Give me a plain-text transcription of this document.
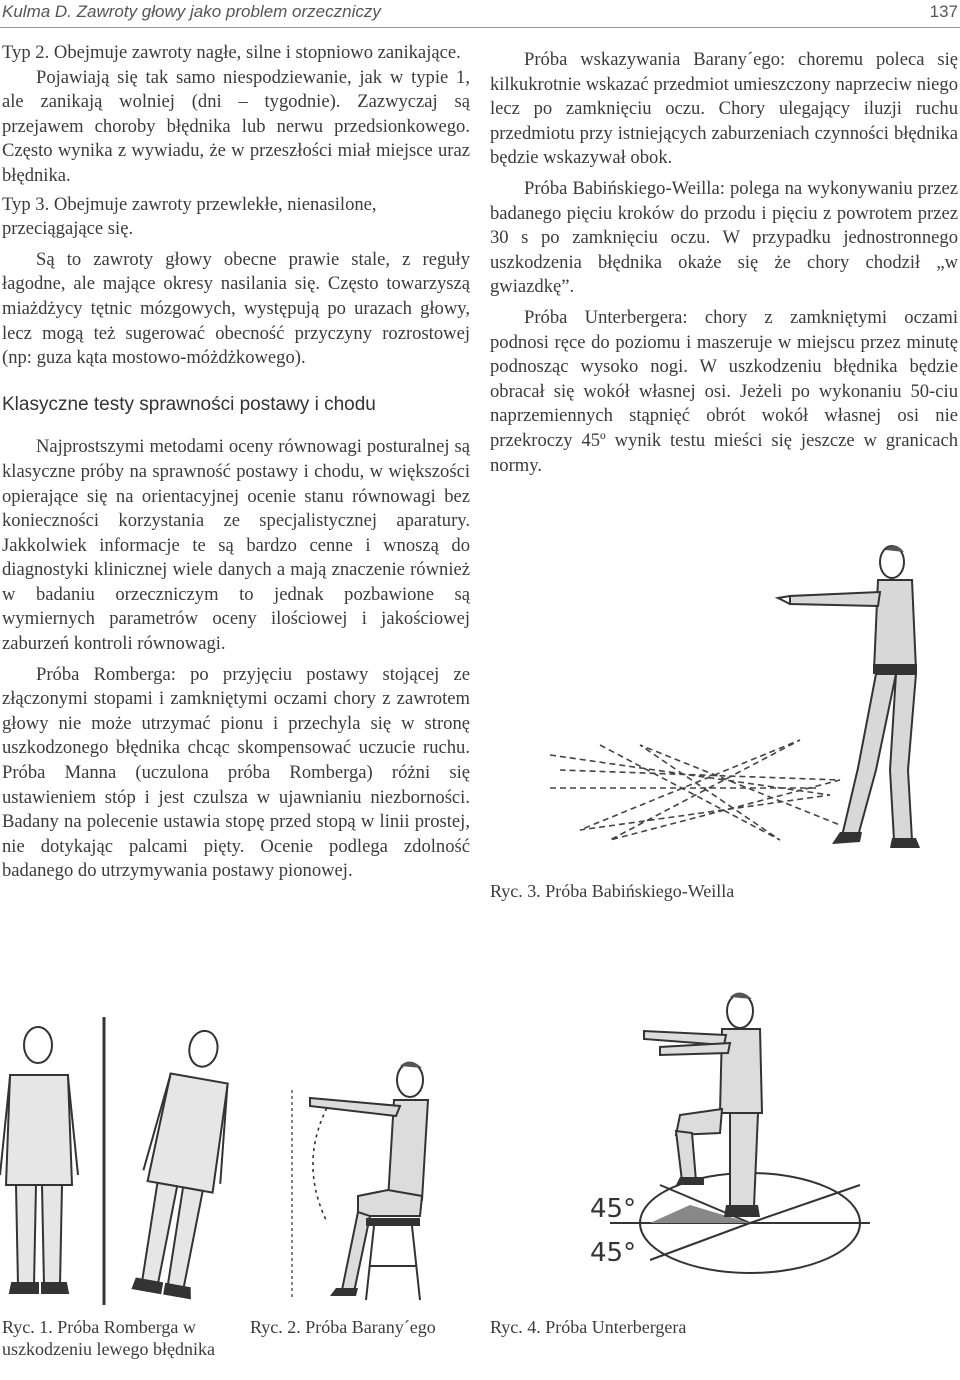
Kulma D. Zawroty głowy jako problem orzeczniczy	137

Typ 2. Obejmuje zawroty nagłe, silne i stopniowo zanikające.

Pojawiają się tak samo niespodziewanie, jak w typie 1, ale zanikają wolniej (dni – tygodnie). Zazwyczaj są przejawem choroby błędnika lub nerwu przedsionkowego. Często wynika z wywiadu, że w przeszłości miał miejsce uraz błędnika.

Typ 3. Obejmuje zawroty przewlekłe, nienasilone, przeciągające się.

Są to zawroty głowy obecne prawie stale, z reguły łagodne, ale mające okresy nasilania się. Często towarzyszą miażdżycy tętnic mózgowych, występują po urazach głowy, lecz mogą też sugerować obecność przyczyny rozrostowej (np: guza kąta mostowo-móżdżkowego).

Klasyczne testy sprawności postawy i chodu

Najprostszymi metodami oceny równowagi posturalnej są klasyczne próby na sprawność postawy i chodu, w większości opierające się na orientacyjnej ocenie stanu równowagi bez konieczności korzystania ze specjalistycznej aparatury. Jakkolwiek informacje te są bardzo cenne i wnoszą do diagnostyki klinicznej wiele danych a mają znaczenie również w badaniu orzeczniczym to jednak pozbawione są wymiernych parametrów oceny ilościowej i jakościowej zaburzeń kontroli równowagi.

Próba Romberga: po przyjęciu postawy stojącej ze złączonymi stopami i zamkniętymi oczami chory z zawrotem głowy nie może utrzymać pionu i przechyla się w stronę uszkodzonego błędnika chcąc skompensować uczucie ruchu. Próba Manna (uczulona próba Romberga) różni się ustawieniem stóp i jest czulsza w ujawnianiu niezborności. Badany na polecenie ustawia stopę przed stopą w linii prostej, nie dotykając palcami pięty. Ocenie podlega zdolność badanego do utrzymywania postawy pionowej.

Próba wskazywania Barany´ego: choremu poleca się kilkukrotnie wskazać przedmiot umieszczony naprzeciw niego lecz po zamknięciu oczu. Chory ulegający iluzji ruchu przedmiotu przy istniejących zaburzeniach czynności błędnika będzie wskazywał obok.

Próba Babińskiego-Weilla: polega na wykonywaniu przez badanego pięciu kroków do przodu i pięciu z powrotem przez 30 s po zamknięciu oczu. W przypadku jednostronnego uszkodzenia błędnika okaże się że chory chodził „w gwiazdkę”.

Próba Unterbergera: chory z zamkniętymi oczami podnosi ręce do poziomu i maszeruje w miejscu przez minutę podnosząc wysoko nogi. W uszkodzeniu błędnika będzie obracał się wokół własnej osi. Jeżeli po wykonaniu 50-ciu naprzemiennych stąpnięć obrót wokół własnej osi nie przekroczy 45º wynik testu mieści się jeszcze w granicach normy.

Ryc. 3. Próba Babińskiego-Weilla
Ryc. 1. Próba Romberga w uszkodzeniu lewego błędnika
Ryc. 2. Próba Barany´ego
45°
45°
Ryc. 4. Próba Unterbergera
